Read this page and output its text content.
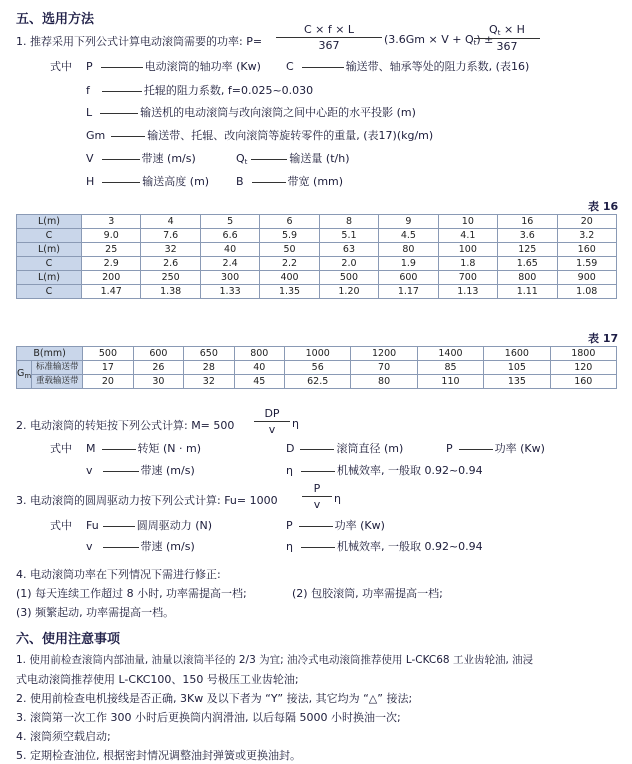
五、选用方法
1. 推荐采用下列公式计算电动滚筒需要的功率: P=
C × f × L
367	$(3.6Gm \times V + Q_t)$ ±
$Q_t \times H$
367
式中 P	电动滚筒的轴功率 (Kw) C	输送带、轴承等处的阻力系数, (表16)
f	托辊的阻力系数, f=0.025~0.030
L	输送机的电动滚筒与改向滚筒之间中心距的水平投影 (m)
Gm	输送带、托辊、改向滚筒等旋转零件的重量, (表17)(kg/m)
V	带速 (m/s)	$Q_t$	输送量 (t/h)
H	输送高度 (m) B	带宽 (mm)
表 16
L(m)	3	4	5	6	8	9	10	16	20
C	9.0	7.6	6.6	5.9	5.1	4.5	4.1	3.6	3.2
L(m)	25	32	40	50	63	80	100	125	160
C	2.9	2.6	2.4	2.2	2.0	1.9	1.8	1.65	1.59
L(m)	200	250	300	400	500	600	700	800	900
C	1.47	1.38	1.33	1.35	1.20	1.17	1.13	1.11	1.08
表 17
B(mm)		500	600	650	800	1000	1200	1400	1600	1800
$G_m$	标准输送带	17	26	28	40	56	70	85	105	120
	重载输送带	20	30	32	45	62.5	80	110	135	160
2. 电动滚筒的转矩按下列公式计算: M= 500
DP
v	η
式中 M	转矩 (N · m)	D	滚筒直径 (m)	P	功率 (Kw)
v	带速 (m/s)	η	机械效率, 一般取 0.92~0.94
3. 电动滚筒的圆周驱动力按下列公式计算: Fu= 1000
P
v	η
式中 Fu	圆周驱动力 (N)	P	功率 (Kw)
v	带速 (m/s)	η	机械效率, 一般取 0.92~0.94
4. 电动滚筒功率在下列情况下需进行修正:
(1) 每天连续工作超过 8 小时, 功率需提高一档;	(2) 包胶滚筒, 功率需提高一档;
(3) 频繁起动, 功率需提高一档。
六、使用注意事项
1. 使用前检查滚筒内部油量, 油量以滚筒半径的 2/3 为宜; 油冷式电动滚筒推荐使用 L-CKC68 工业齿轮油, 油浸
式电动滚筒推荐使用 L-CKC100、150 号极压工业齿轮油;
2. 使用前检查电机接线是否正确, 3Kw 及以下者为 “Y” 接法, 其它均为 “△” 接法;
3. 滚筒第一次工作 300 小时后更换筒内润滑油, 以后每隔 5000 小时换油一次;
4. 滚筒须空载启动;
5. 定期检查油位, 根据密封情况调整油封弹簧或更换油封。
